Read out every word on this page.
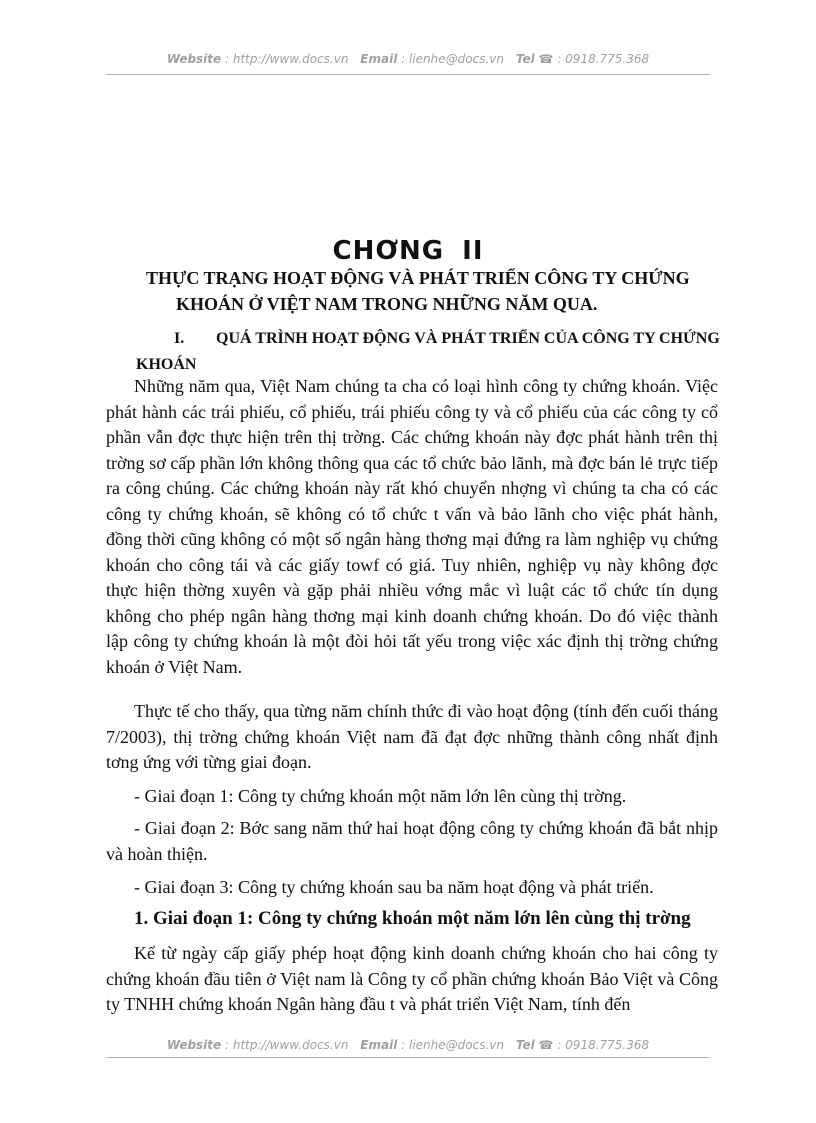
Website : http://www.docs.vn Email : lienhe@docs.vn Tel ☎ : 0918.775.368
CHƠNG II
THỰC TRẠNG HOẠT ĐỘNG VÀ PHÁT TRIỂN CÔNG TY CHỨNG
KHOÁN Ở VIỆT NAM TRONG NHỮNG NĂM QUA.
I. QUÁ TRÌNH HOẠT ĐỘNG VÀ PHÁT TRIỂN CỦA CÔNG TY CHỨNG
KHOÁN

Những năm qua, Việt Nam chúng ta cha có loại hình công ty chứng khoán. Việc phát hành các trái phiếu, cổ phiếu, trái phiếu công ty và cổ phiếu của các công ty cổ phần vẫn đợc thực hiện trên thị trờng. Các chứng khoán này đợc phát hành trên thị trờng sơ cấp phần lớn không thông qua các tổ chức bảo lãnh, mà đợc bán lẻ trực tiếp ra công chúng. Các chứng khoán này rất khó chuyển nhợng vì chúng ta cha có các công ty chứng khoán, sẽ không có tổ chức t vấn và bảo lãnh cho việc phát hành, đồng thời cũng không có một số ngân hàng thơng mại đứng ra làm nghiệp vụ chứng khoán cho công tái và các giấy towf có giá. Tuy nhiên, nghiệp vụ này không đợc thực hiện thờng xuyên và gặp phải nhiều vớng mắc vì luật các tổ chức tín dụng không cho phép ngân hàng thơng mại kinh doanh chứng khoán. Do đó việc thành lập công ty chứng khoán là một đòi hỏi tất yếu trong việc xác định thị trờng chứng khoán ở Việt Nam.

Thực tế cho thấy, qua từng năm chính thức đi vào hoạt động (tính đến cuối tháng 7/2003), thị trờng chứng khoán Việt nam đã đạt đợc những thành công nhất định tơng ứng với từng giai đoạn.

- Giai đoạn 1: Công ty chứng khoán một năm lớn lên cùng thị trờng.

- Giai đoạn 2: Bớc sang năm thứ hai hoạt động công ty chứng khoán đã bắt nhịp và hoàn thiện.

- Giai đoạn 3: Công ty chứng khoán sau ba năm hoạt động và phát triển.

1. Giai đoạn 1: Công ty chứng khoán một năm lớn lên cùng thị trờng

Kể từ ngày cấp giấy phép hoạt động kinh doanh chứng khoán cho hai công ty chứng khoán đầu tiên ở Việt nam là Công ty cổ phần chứng khoán Bảo Việt và Công ty TNHH chứng khoán Ngân hàng đầu t và phát triển Việt Nam, tính đến

Website : http://www.docs.vn Email : lienhe@docs.vn Tel ☎ : 0918.775.368
